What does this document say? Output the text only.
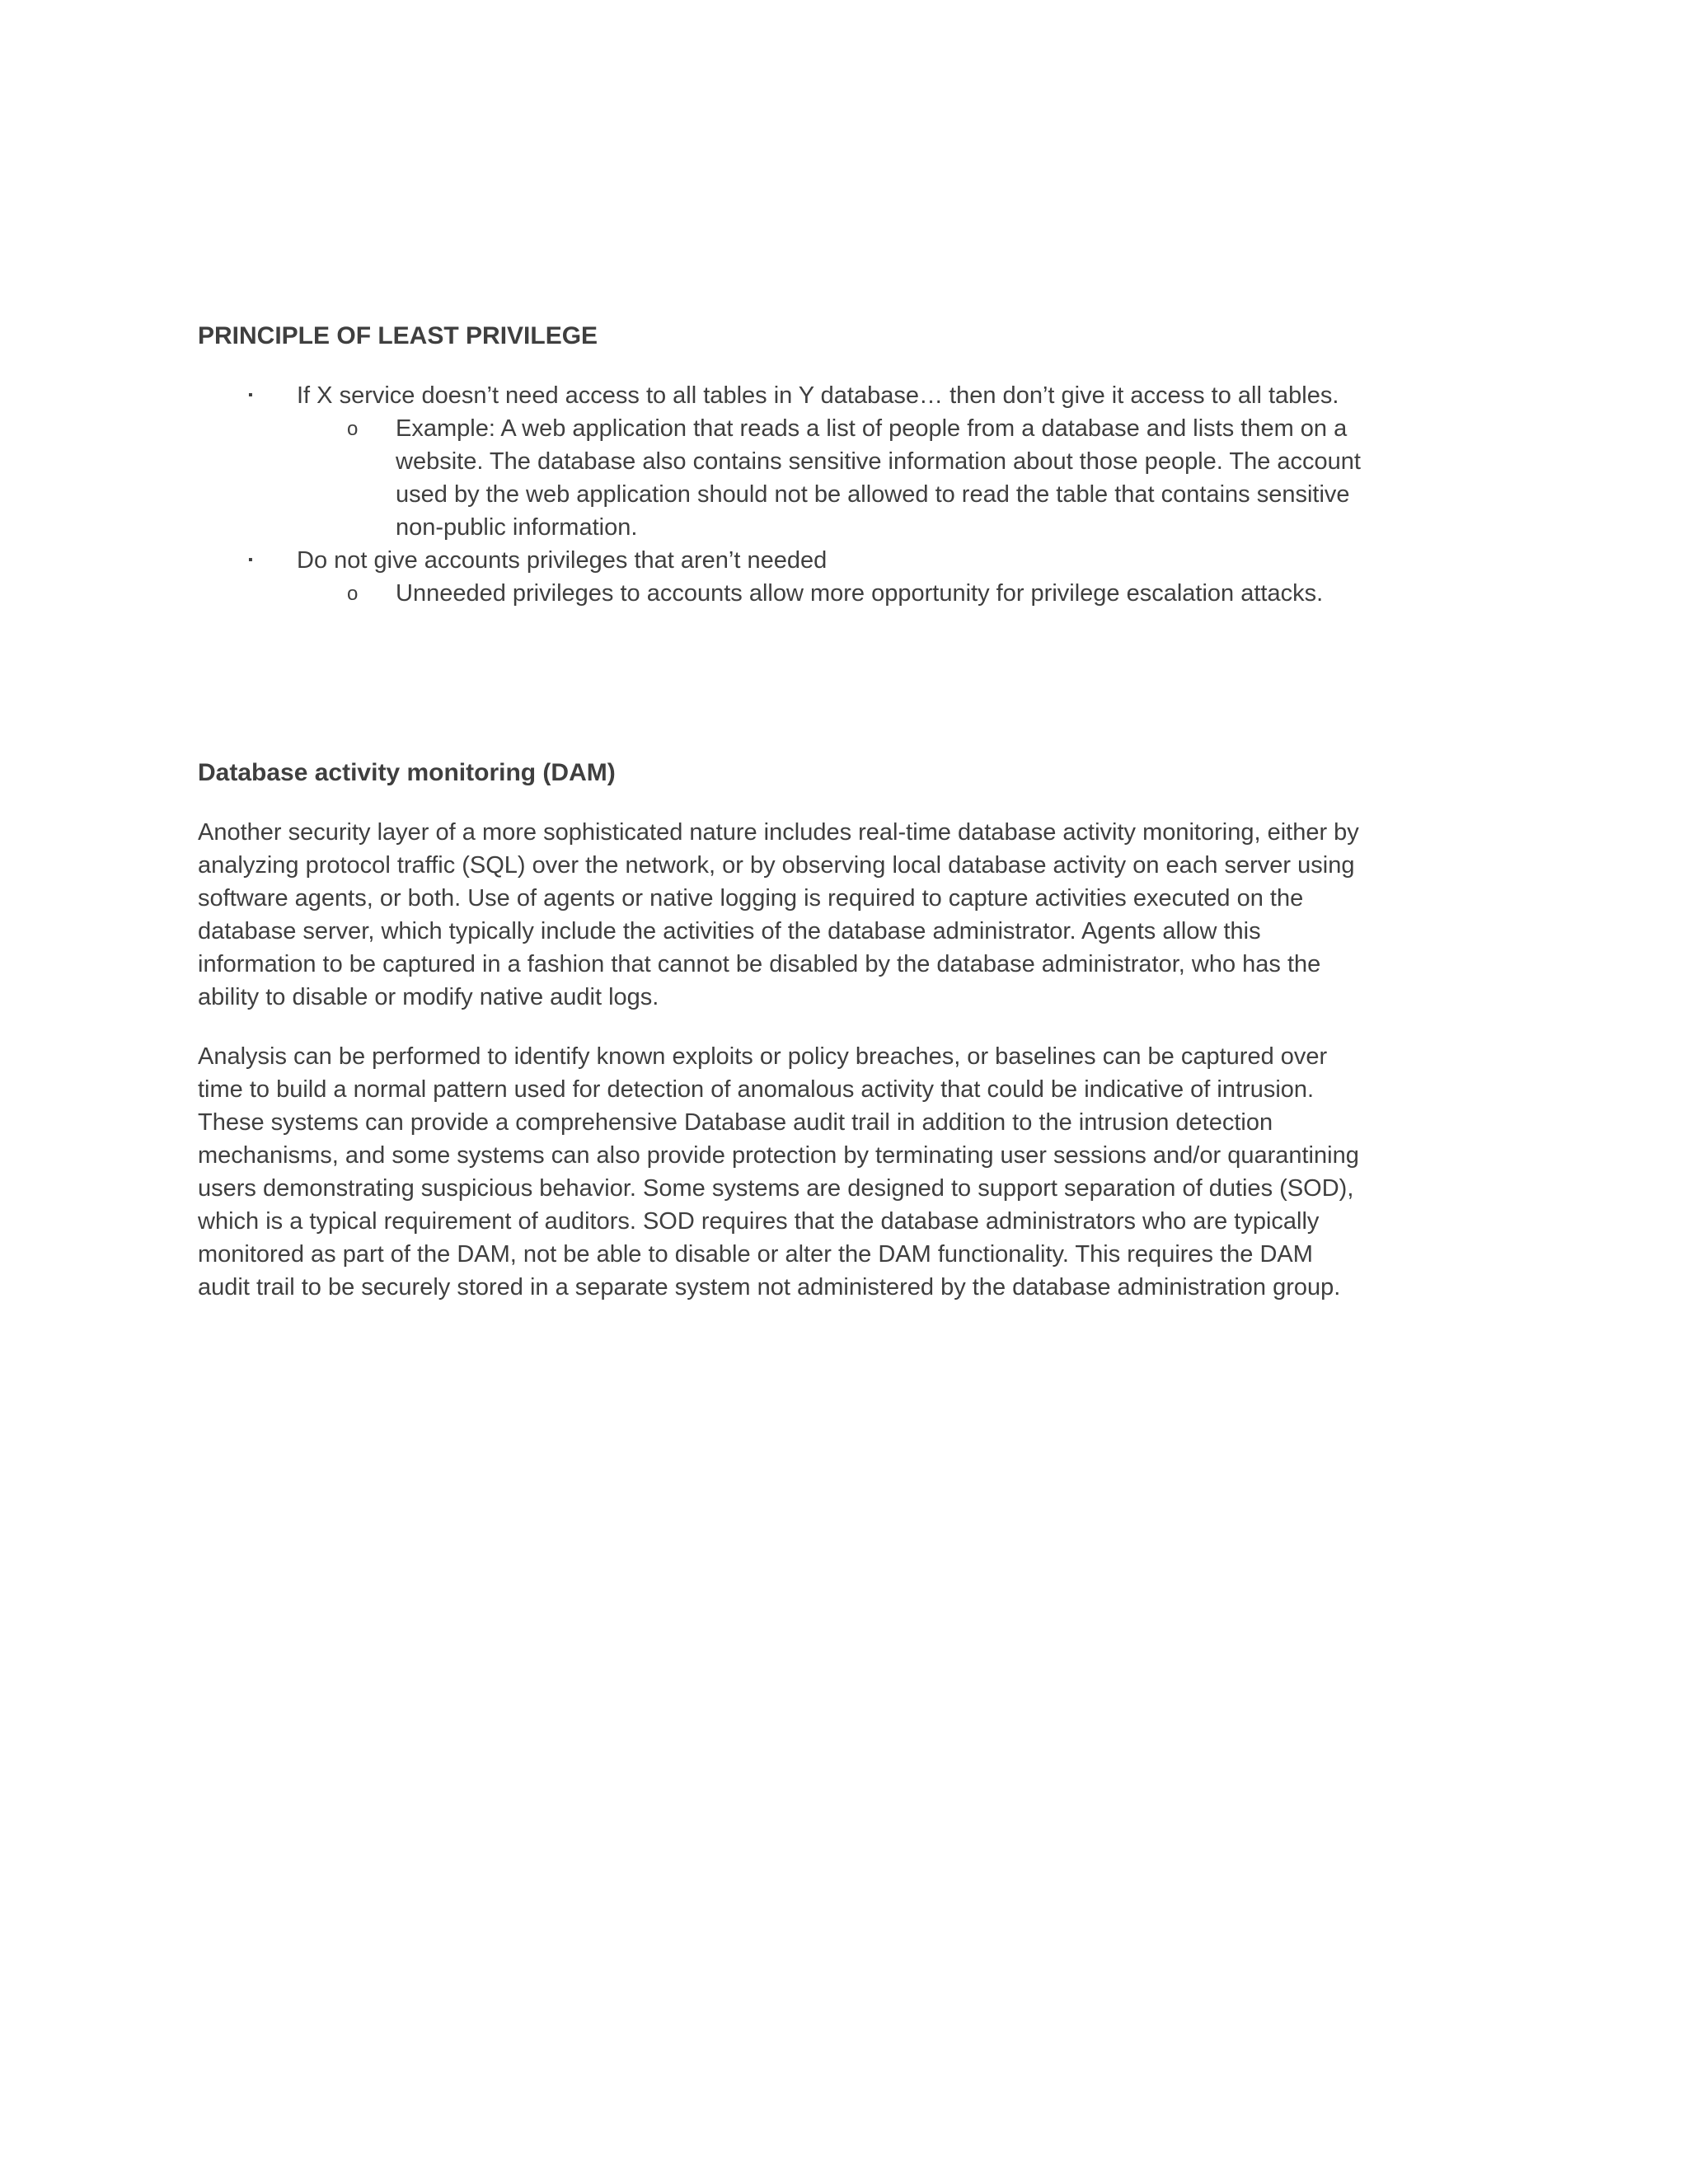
PRINCIPLE OF LEAST PRIVILEGE
▪ If X service doesn’t need access to all tables in Y database… then don’t give it access to all tables.
o Example: A web application that reads a list of people from a database and lists them on a website. The database also contains sensitive information about those people. The account used by the web application should not be allowed to read the table that contains sensitive non-public information.
▪ Do not give accounts privileges that aren’t needed
o Unneeded privileges to accounts allow more opportunity for privilege escalation attacks.
Database activity monitoring (DAM)

Another security layer of a more sophisticated nature includes real-time database activity monitoring, either by analyzing protocol traffic (SQL) over the network, or by observing local database activity on each server using software agents, or both. Use of agents or native logging is required to capture activities executed on the database server, which typically include the activities of the database administrator. Agents allow this information to be captured in a fashion that cannot be disabled by the database administrator, who has the ability to disable or modify native audit logs.

Analysis can be performed to identify known exploits or policy breaches, or baselines can be captured over time to build a normal pattern used for detection of anomalous activity that could be indicative of intrusion. These systems can provide a comprehensive Database audit trail in addition to the intrusion detection mechanisms, and some systems can also provide protection by terminating user sessions and/or quarantining users demonstrating suspicious behavior. Some systems are designed to support separation of duties (SOD), which is a typical requirement of auditors. SOD requires that the database administrators who are typically monitored as part of the DAM, not be able to disable or alter the DAM functionality. This requires the DAM audit trail to be securely stored in a separate system not administered by the database administration group.
